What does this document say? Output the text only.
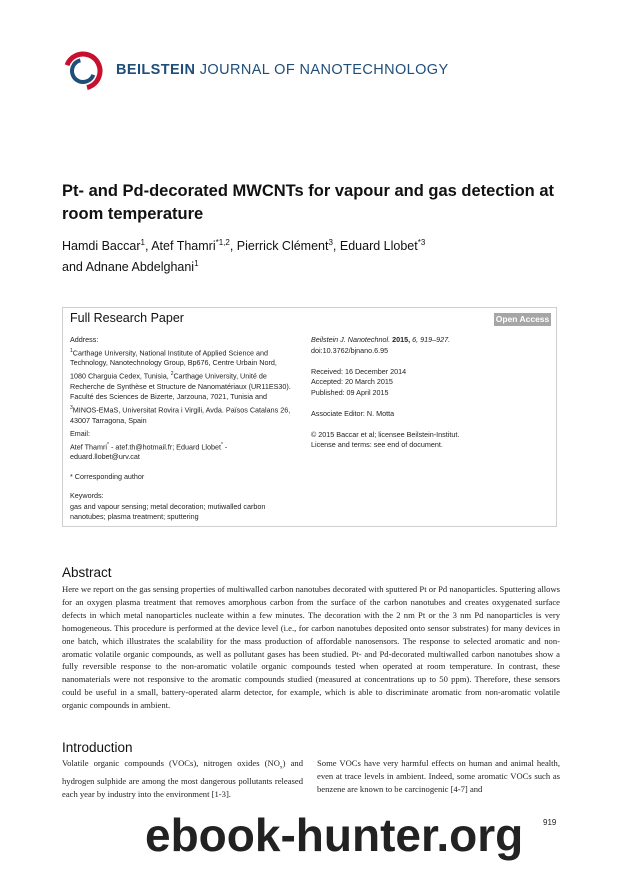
BEILSTEIN JOURNAL OF NANOTECHNOLOGY
Pt- and Pd-decorated MWCNTs for vapour and gas detection at room temperature
Hamdi Baccar$^1$, Atef Thamri$^{*1,2}$, Pierrick Clément$^3$, Eduard Llobet$^{*3}$
and Adnane Abdelghani$^1$
Full Research Paper	Open Access
Address:
$^1$Carthage University, National Institute of Applied Science and
Technology, Nanotechnology Group, Bp676, Centre Urbain Nord,
1080 Charguia Cedex, Tunisia, $^2$Carthage University, Unité de
Recherche de Synthèse et Structure de Nanomatériaux (UR11ES30).
Faculté des Sciences de Bizerte, Jarzouna, 7021, Tunisia and
$^3$MINOS-EMaS, Universitat Rovira i Virgili, Avda. Països Catalans 26,
43007 Tarragona, Spain
Email:
Atef Thamri* - atef.th@hotmail.fr; Eduard Llobet* -
eduard.llobet@urv.cat
* Corresponding author
Keywords:
gas and vapour sensing; metal decoration; mutiwalled carbon
nanotubes; plasma treatment; sputtering
Beilstein J. Nanotechnol. 2015, 6, 919–927.
doi:10.3762/bjnano.6.95
Received: 16 December 2014
Accepted: 20 March 2015
Published: 09 April 2015
Associate Editor: N. Motta
© 2015 Baccar et al; licensee Beilstein-Institut.
License and terms: see end of document.
Abstract
Here we report on the gas sensing properties of multiwalled carbon nanotubes decorated with sputtered Pt or Pd nanoparticles. Sputtering allows for an oxygen plasma treatment that removes amorphous carbon from the surface of the carbon nanotubes and creates oxygenated surface defects in which metal nanoparticles nucleate within a few minutes. The decoration with the 2 nm Pt or the 3 nm Pd nanoparticles is very homogeneous. This procedure is performed at the device level (i.e., for carbon nanotubes deposited onto sensor substrates) for many devices in one batch, which illustrates the scalability for the mass production of affordable nanosensors. The response to selected aromatic and non-aromatic volatile organic compounds, as well as pollutant gases has been studied. Pt- and Pd-decorated multiwalled carbon nanotubes show a fully reversible response to the non-aromatic volatile organic compounds tested when operated at room temperature. In contrast, these nanomaterials were not responsive to the aromatic compounds studied (measured at concentrations up to 50 ppm). Therefore, these sensors could be useful in a small, battery-operated alarm detector, for example, which is able to discriminate aromatic from non-aromatic volatile organic compounds in ambient.
Introduction
Volatile organic compounds (VOCs), nitrogen oxides $(NO_x)$ and hydrogen sulphide are among the most dangerous pollutants released each year by industry into the environment [1-3].
Some VOCs have very harmful effects on human and animal health, even at trace levels in ambient. Indeed, some aromatic VOCs such as benzene are known to be carcinogenic [4-7] and
919
ebook-hunter.org
